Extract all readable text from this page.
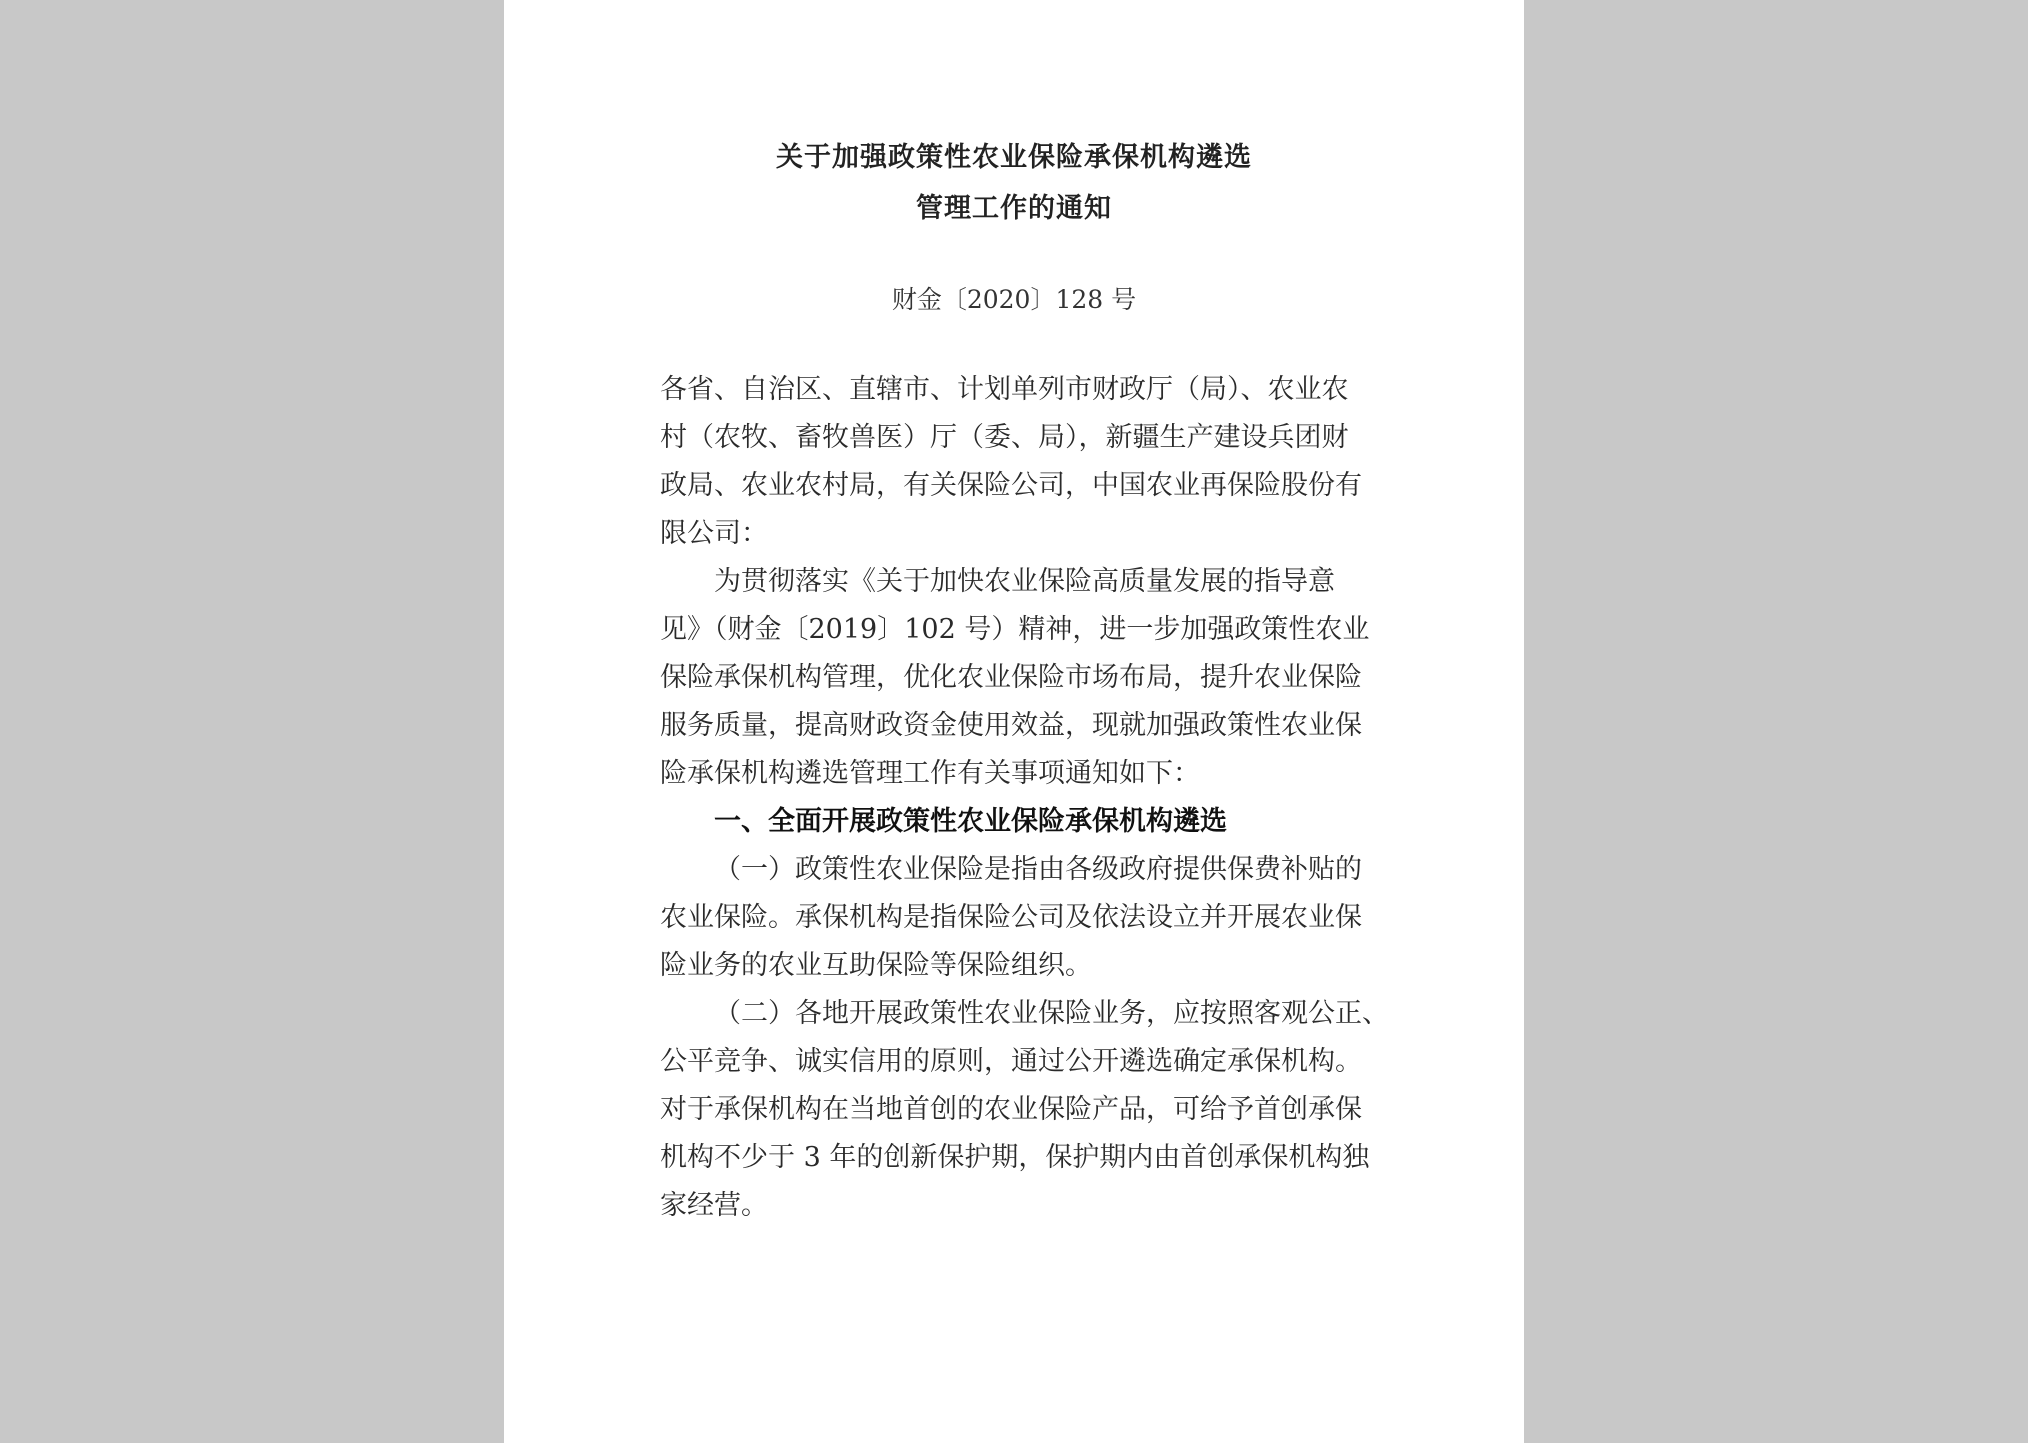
关于加强政策性农业保险承保机构遴选
管理工作的通知
财金〔2020〕128 号
各省、自治区、直辖市、计划单列市财政厅（局）、农业农
村（农牧、畜牧兽医）厅（委、局），新疆生产建设兵团财
政局、农业农村局，有关保险公司，中国农业再保险股份有
限公司：
为贯彻落实《关于加快农业保险高质量发展的指导意
见》（财金〔2019〕102 号）精神，进一步加强政策性农业
保险承保机构管理，优化农业保险市场布局，提升农业保险
服务质量，提高财政资金使用效益，现就加强政策性农业保
险承保机构遴选管理工作有关事项通知如下：
一、全面开展政策性农业保险承保机构遴选
（一）政策性农业保险是指由各级政府提供保费补贴的
农业保险。承保机构是指保险公司及依法设立并开展农业保
险业务的农业互助保险等保险组织。
（二）各地开展政策性农业保险业务，应按照客观公正、
公平竞争、诚实信用的原则，通过公开遴选确定承保机构。
对于承保机构在当地首创的农业保险产品，可给予首创承保
机构不少于 3 年的创新保护期，保护期内由首创承保机构独
家经营。
